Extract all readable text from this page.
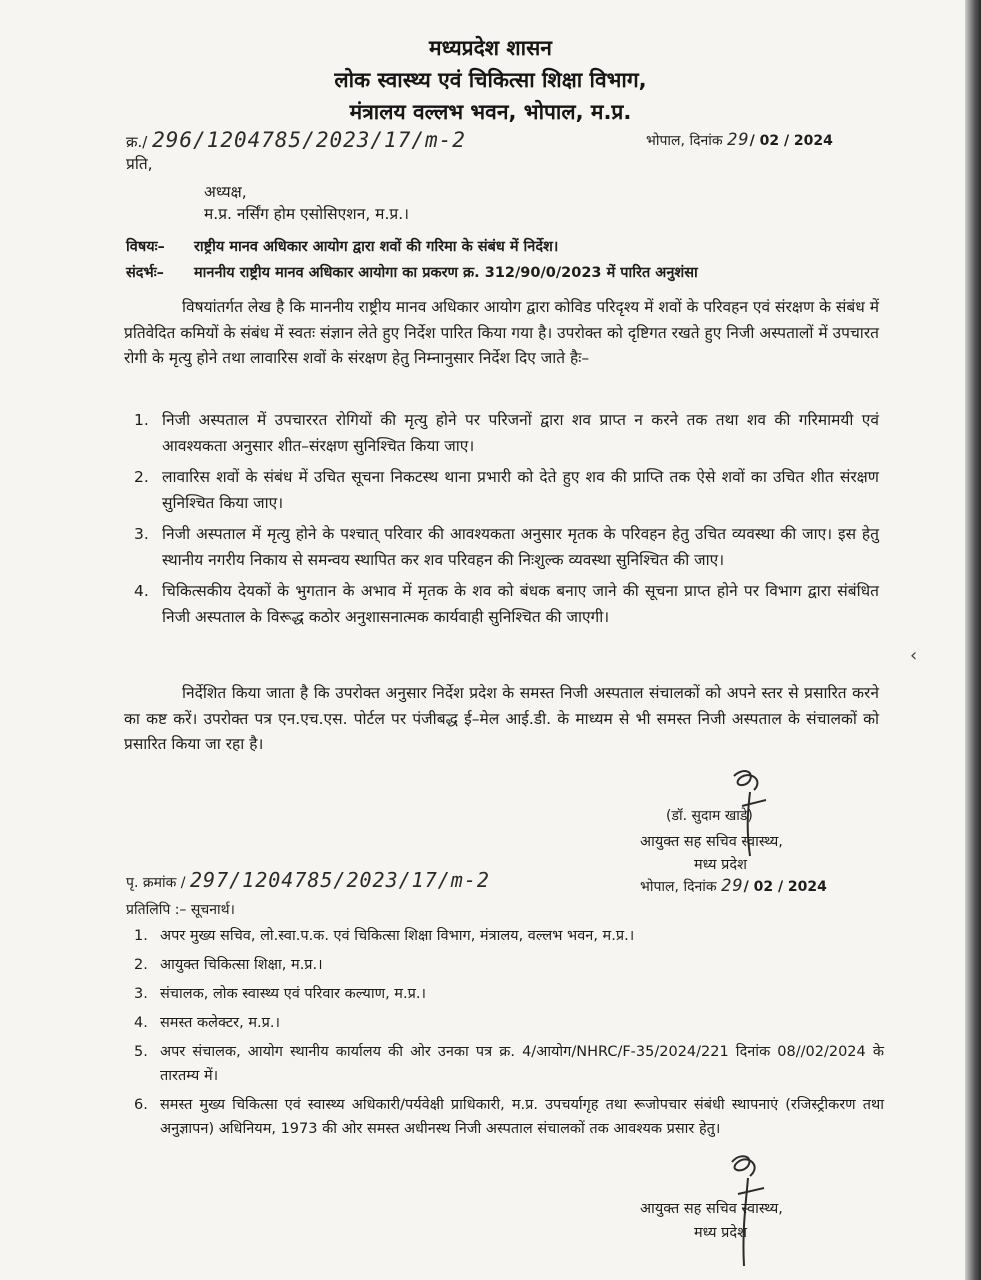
मध्यप्रदेश शासन
लोक स्वास्थ्य एवं चिकित्सा शिक्षा विभाग,
मंत्रालय वल्लभ भवन, भोपाल, म.प्र.
क्र./ 296/1204785/2023/17/m-2	भोपाल, दिनांक 29/ 02 / 2024
प्रति,
अध्यक्ष,
म.प्र. नर्सिंग होम एसोसिएशन, म.प्र.।
विषयः– राष्ट्रीय मानव अधिकार आयोग द्वारा शवों की गरिमा के संबंध में निर्देश।
संदर्भः– माननीय राष्ट्रीय मानव अधिकार आयोगा का प्रकरण क्र. 312/90/0/2023 में पारित अनुशंसा
विषयांतर्गत लेख है कि माननीय राष्ट्रीय मानव अधिकार आयोग द्वारा कोविड परिदृश्य में शवों के परिवहन एवं संरक्षण के संबंध में प्रतिवेदित कमियों के संबंध में स्वतः संज्ञान लेते हुए निर्देश पारित किया गया है। उपरोक्त को दृष्टिगत रखते हुए निजी अस्पतालों में उपचारत रोगी के मृत्यु होने तथा लावारिस शवों के संरक्षण हेतु निम्नानुसार निर्देश दिए जाते हैः–
1. निजी अस्पताल में उपचाररत रोगियों की मृत्यु होने पर परिजनों द्वारा शव प्राप्त न करने तक तथा शव की गरिमामयी एवं आवश्यकता अनुसार शीत–संरक्षण सुनिश्चित किया जाए।
2. लावारिस शवों के संबंध में उचित सूचना निकटस्थ थाना प्रभारी को देते हुए शव की प्राप्ति तक ऐसे शवों का उचित शीत संरक्षण सुनिश्चित किया जाए।
3. निजी अस्पताल में मृत्यु होने के पश्चात् परिवार की आवश्यकता अनुसार मृतक के परिवहन हेतु उचित व्यवस्था की जाए। इस हेतु स्थानीय नगरीय निकाय से समन्वय स्थापित कर शव परिवहन की निःशुल्क व्यवस्था सुनिश्चित की जाए।
4. चिकित्सकीय देयकों के भुगतान के अभाव में मृतक के शव को बंधक बनाए जाने की सूचना प्राप्त होने पर विभाग द्वारा संबंधित निजी अस्पताल के विरूद्ध कठोर अनुशासनात्मक कार्यवाही सुनिश्चित की जाएगी।
‹
निर्देशित किया जाता है कि उपरोक्त अनुसार निर्देश प्रदेश के समस्त निजी अस्पताल संचालकों को अपने स्तर से प्रसारित करने का कष्ट करें। उपरोक्त पत्र एन.एच.एस. पोर्टल पर पंजीबद्ध ई–मेल आई.डी. के माध्यम से भी समस्त निजी अस्पताल के संचालकों को प्रसारित किया जा रहा है।
(डॉ. सुदाम खाडे)
आयुक्त सह सचिव स्वास्थ्य,
मध्य प्रदेश
पृ. क्रमांक / 297/1204785/2023/17/m-2	भोपाल, दिनांक 29/ 02 / 2024
प्रतिलिपि :– सूचनार्थ।
1. अपर मुख्य सचिव, लो.स्वा.प.क. एवं चिकित्सा शिक्षा विभाग, मंत्रालय, वल्लभ भवन, म.प्र.।
2. आयुक्त चिकित्सा शिक्षा, म.प्र.।
3. संचालक, लोक स्वास्थ्य एवं परिवार कल्याण, म.प्र.।
4. समस्त कलेक्टर, म.प्र.।
5. अपर संचालक, आयोग स्थानीय कार्यालय की ओर उनका पत्र क्र. 4/आयोग/NHRC/F-35/2024/221 दिनांक 08//02/2024 के तारतम्य में।
6. समस्त मुख्य चिकित्सा एवं स्वास्थ्य अधिकारी/पर्यवेक्षी प्राधिकारी, म.प्र. उपचर्यागृह तथा रूजोपचार संबंधी स्थापनाएं (रजिस्ट्रीकरण तथा अनुज्ञापन) अधिनियम, 1973 की ओर समस्त अधीनस्थ निजी अस्पताल संचालकों तक आवश्यक प्रसार हेतु।
आयुक्त सह सचिव स्वास्थ्य,
मध्य प्रदेश
